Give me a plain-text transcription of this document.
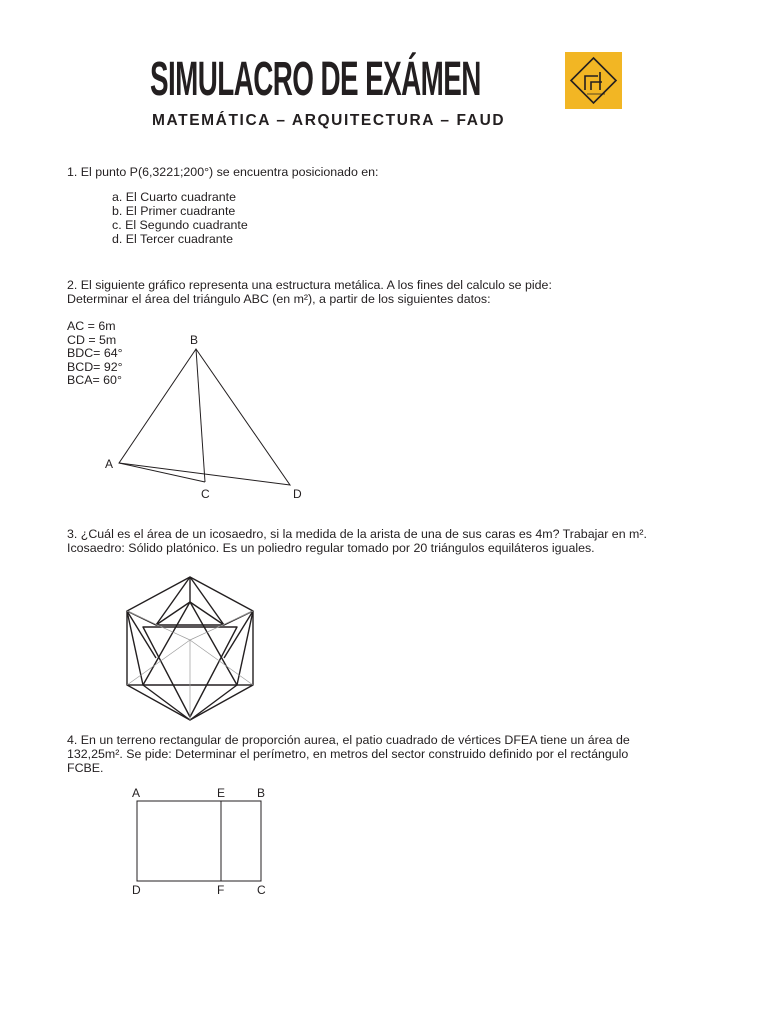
SIMULACRO DE EXÁMEN
MATEMÁTICA – ARQUITECTURA – FAUD
1. El punto P(6,3221;200°) se encuentra posicionado en:
a. El Cuarto cuadrante
b. El Primer cuadrante
c. El Segundo cuadrante
d. El Tercer cuadrante
2. El siguiente gráfico representa una estructura metálica. A los fines del calculo se pide:
Determinar el área del triángulo ABC (en m²), a partir de los siguientes datos:
AC = 6m
CD = 5m
BDC= 64°
BCD= 92°
BCA= 60°
B
A
C	D
3. ¿Cuál es el área de un icosaedro, si la medida de la arista de una de sus caras es 4m? Trabajar en m².
Icosaedro: Sólido platónico. Es un poliedro regular tomado por 20 triángulos equiláteros iguales.
4. En un terreno rectangular de proporción aurea, el patio cuadrado de vértices DFEA tiene un área de
132,25m². Se pide: Determinar el perímetro, en metros del sector construido definido por el rectángulo
FCBE.
A	E	B
D	F	C
